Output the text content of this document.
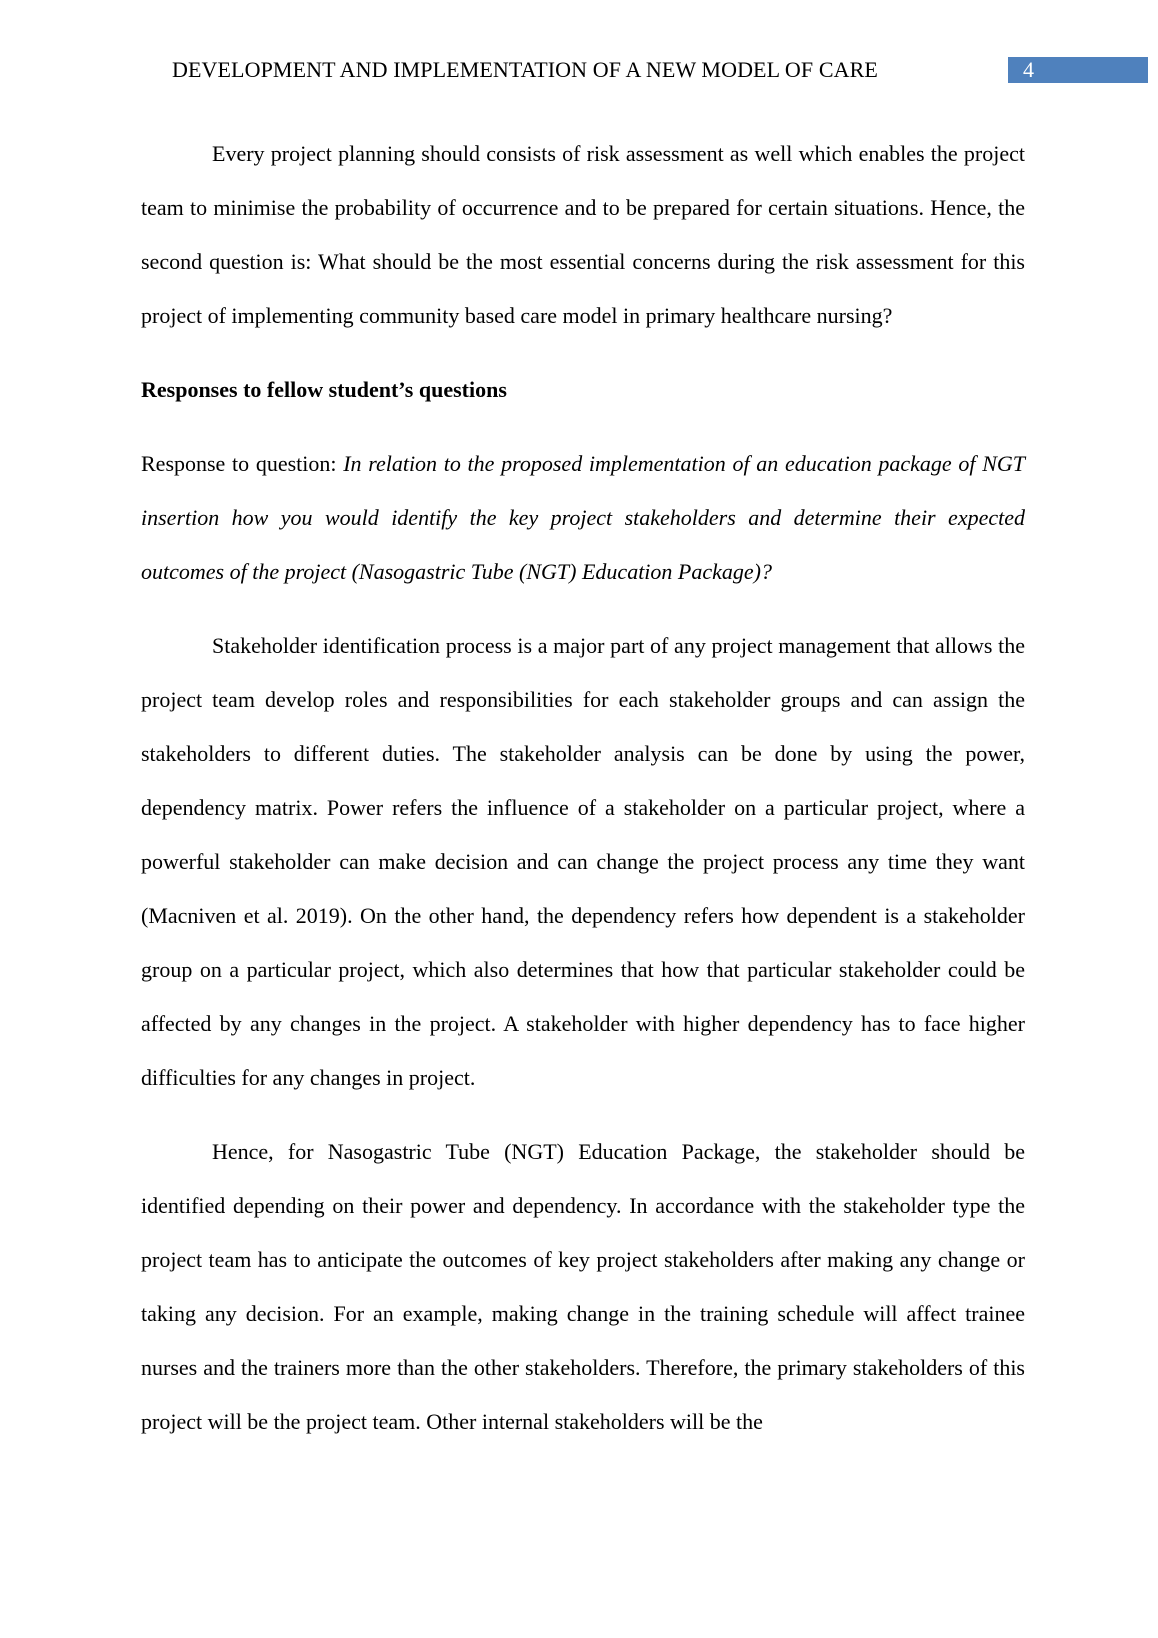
DEVELOPMENT AND IMPLEMENTATION OF A NEW MODEL OF CARE	4

Every project planning should consists of risk assessment as well which enables the project team to minimise the probability of occurrence and to be prepared for certain situations. Hence, the second question is: What should be the most essential concerns during the risk assessment for this project of implementing community based care model in primary healthcare nursing?

Responses to fellow student’s questions

Response to question: In relation to the proposed implementation of an education package of NGT insertion how you would identify the key project stakeholders and determine their expected outcomes of the project (Nasogastric Tube (NGT) Education Package)?

Stakeholder identification process is a major part of any project management that allows the project team develop roles and responsibilities for each stakeholder groups and can assign the stakeholders to different duties. The stakeholder analysis can be done by using the power, dependency matrix. Power refers the influence of a stakeholder on a particular project, where a powerful stakeholder can make decision and can change the project process any time they want (Macniven et al. 2019). On the other hand, the dependency refers how dependent is a stakeholder group on a particular project, which also determines that how that particular stakeholder could be affected by any changes in the project. A stakeholder with higher dependency has to face higher difficulties for any changes in project.

Hence, for Nasogastric Tube (NGT) Education Package, the stakeholder should be identified depending on their power and dependency. In accordance with the stakeholder type the project team has to anticipate the outcomes of key project stakeholders after making any change or taking any decision. For an example, making change in the training schedule will affect trainee nurses and the trainers more than the other stakeholders. Therefore, the primary stakeholders of this project will be the project team. Other internal stakeholders will be the
